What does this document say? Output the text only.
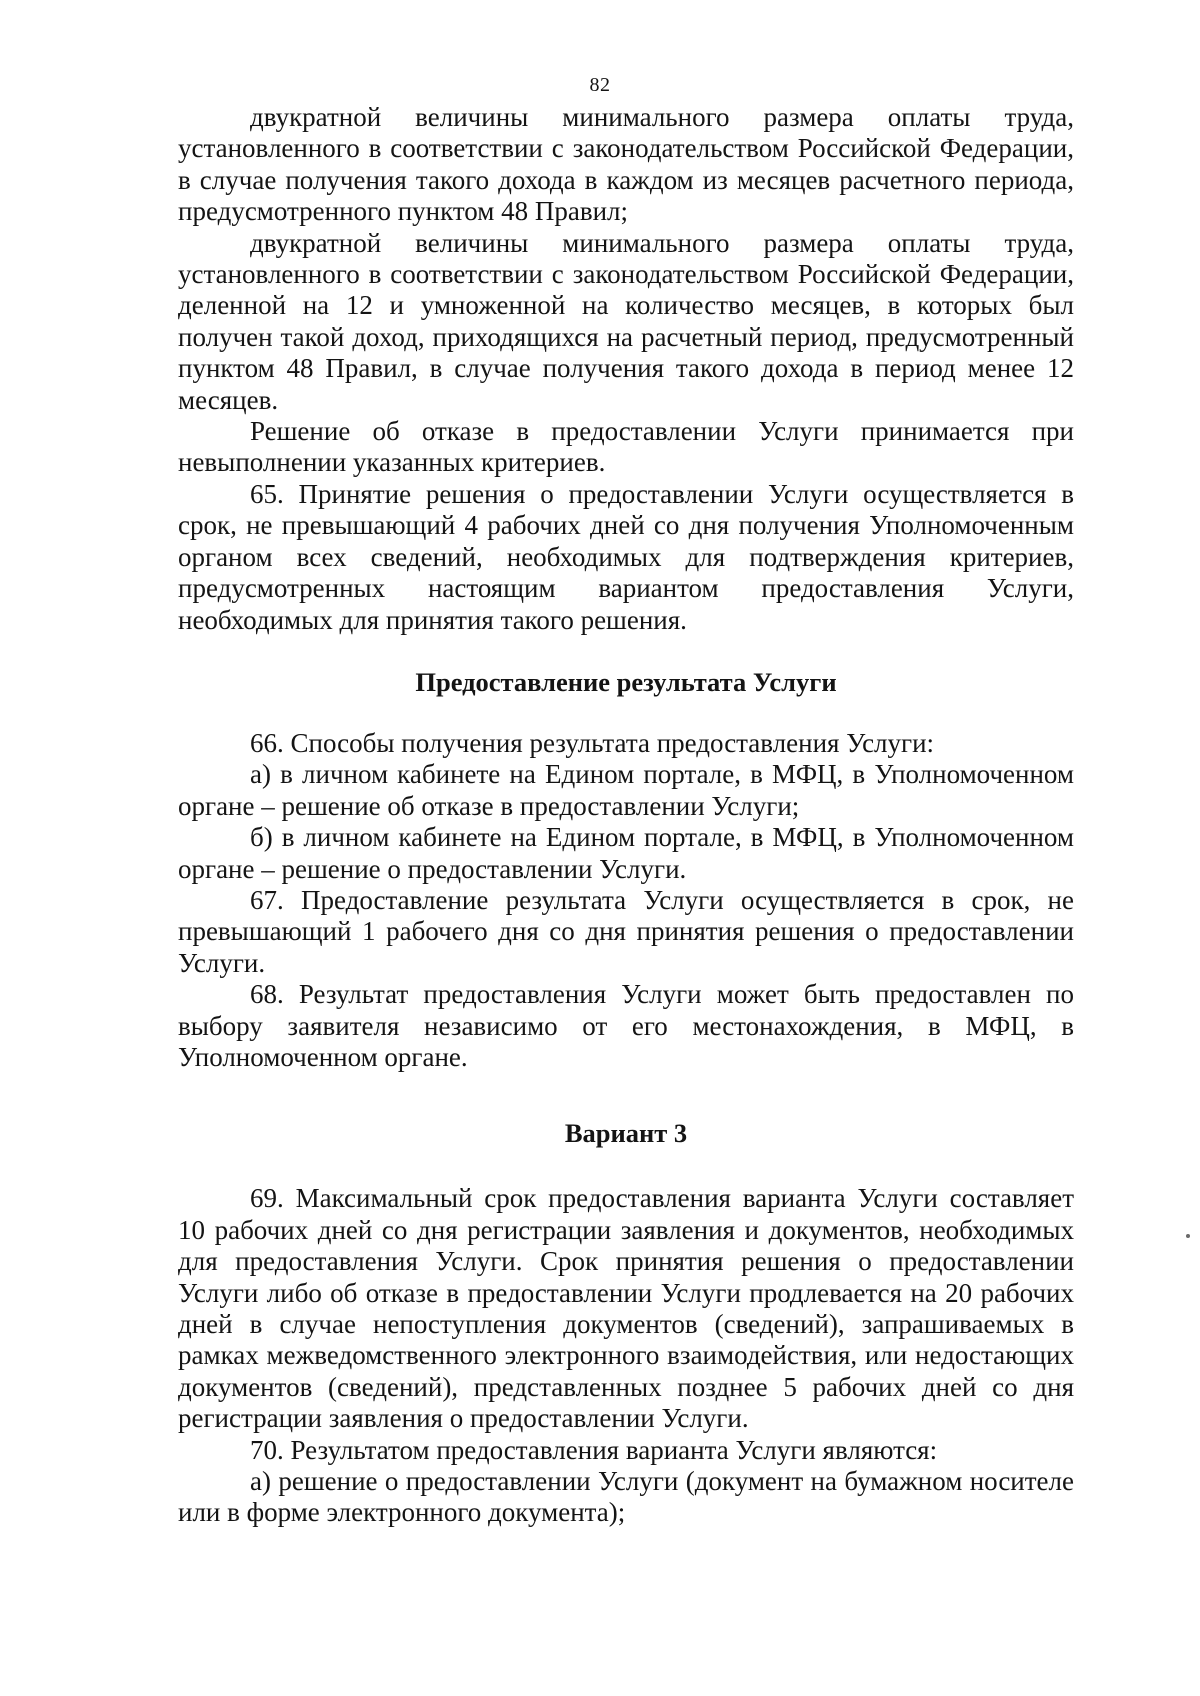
82

двукратной величины минимального размера оплаты труда, установленного в соответствии с законодательством Российской Федерации, в случае получения такого дохода в каждом из месяцев расчетного периода, предусмотренного пунктом 48 Правил;

двукратной величины минимального размера оплаты труда, установленного в соответствии с законодательством Российской Федерации, деленной на 12 и умноженной на количество месяцев, в которых был получен такой доход, приходящихся на расчетный период, предусмотренный пунктом 48 Правил, в случае получения такого дохода в период менее 12 месяцев.

Решение об отказе в предоставлении Услуги принимается при невыполнении указанных критериев.

65. Принятие решения о предоставлении Услуги осуществляется в срок, не превышающий 4 рабочих дней со дня получения Уполномоченным органом всех сведений, необходимых для подтверждения критериев, предусмотренных настоящим вариантом предоставления Услуги, необходимых для принятия такого решения.

Предоставление результата Услуги

66. Способы получения результата предоставления Услуги:

а) в личном кабинете на Едином портале, в МФЦ, в Уполномоченном органе – решение об отказе в предоставлении Услуги;

б) в личном кабинете на Едином портале, в МФЦ, в Уполномоченном органе – решение о предоставлении Услуги.

67. Предоставление результата Услуги осуществляется в срок, не превышающий 1 рабочего дня со дня принятия решения о предоставлении Услуги.

68. Результат предоставления Услуги может быть предоставлен по выбору заявителя независимо от его местонахождения, в МФЦ, в Уполномоченном органе.

Вариант 3

69. Максимальный срок предоставления варианта Услуги составляет 10 рабочих дней со дня регистрации заявления и документов, необходимых для предоставления Услуги. Срок принятия решения о предоставлении Услуги либо об отказе в предоставлении Услуги продлевается на 20 рабочих дней в случае непоступления документов (сведений), запрашиваемых в рамках межведомственного электронного взаимодействия, или недостающих документов (сведений), представленных позднее 5 рабочих дней со дня регистрации заявления о предоставлении Услуги.

70. Результатом предоставления варианта Услуги являются:

а) решение о предоставлении Услуги (документ на бумажном носителе или в форме электронного документа);
